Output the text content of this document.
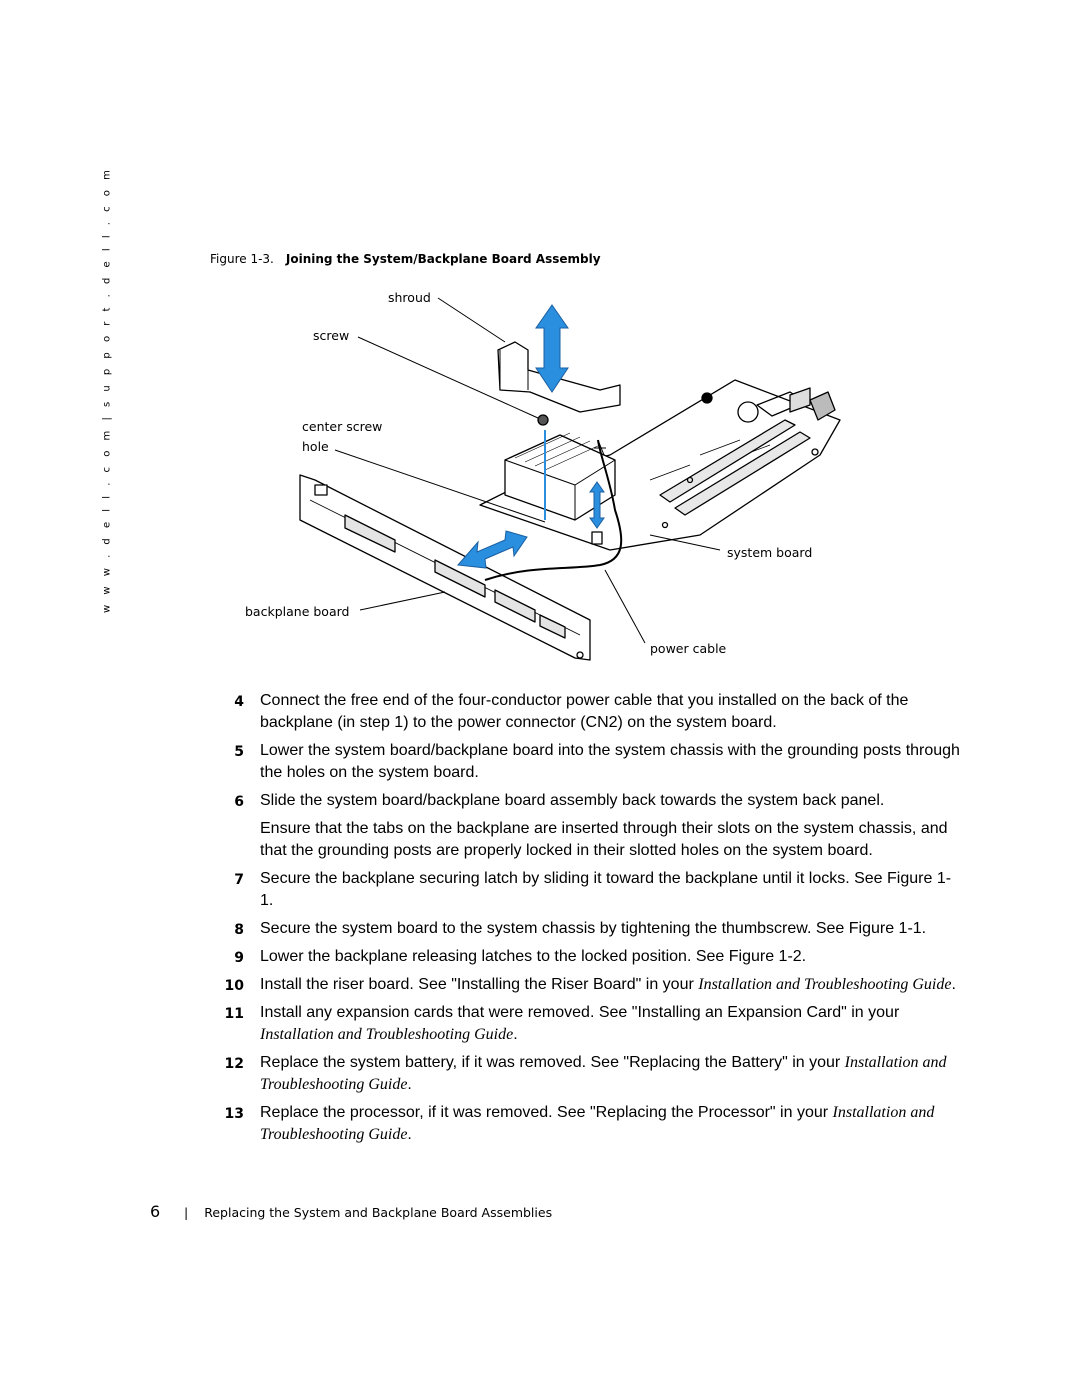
w w w . d e l l . c o m | s u p p o r t . d e l l . c o m	Figure 1-3. Joining the System/Backplane Board Assembly
shroud
screw
center screw
hole
system board
backplane board
power cable
4 Connect the free end of the four-conductor power cable that you installed on the back of the backplane (in step 1) to the power connector (CN2) on the system board.

5 Lower the system board/backplane board into the system chassis with the grounding posts through the holes on the system board.

6 Slide the system board/backplane board assembly back towards the system back panel.

Ensure that the tabs on the backplane are inserted through their slots on the system chassis, and that the grounding posts are properly locked in their slotted holes on the system board.

7 Secure the backplane securing latch by sliding it toward the backplane until it locks. See Figure 1-1.

8 Secure the system board to the system chassis by tightening the thumbscrew. See Figure 1-1.

9 Lower the backplane releasing latches to the locked position. See Figure 1-2.

10 Install the riser board. See "Installing the Riser Board" in your Installation and Troubleshooting Guide.

11 Install any expansion cards that were removed. See "Installing an Expansion Card" in your Installation and Troubleshooting Guide.

12 Replace the system battery, if it was removed. See "Replacing the Battery" in your Installation and Troubleshooting Guide.

13 Replace the processor, if it was removed. See "Replacing the Processor" in your Installation and Troubleshooting Guide.

6 | Replacing the System and Backplane Board Assemblies
